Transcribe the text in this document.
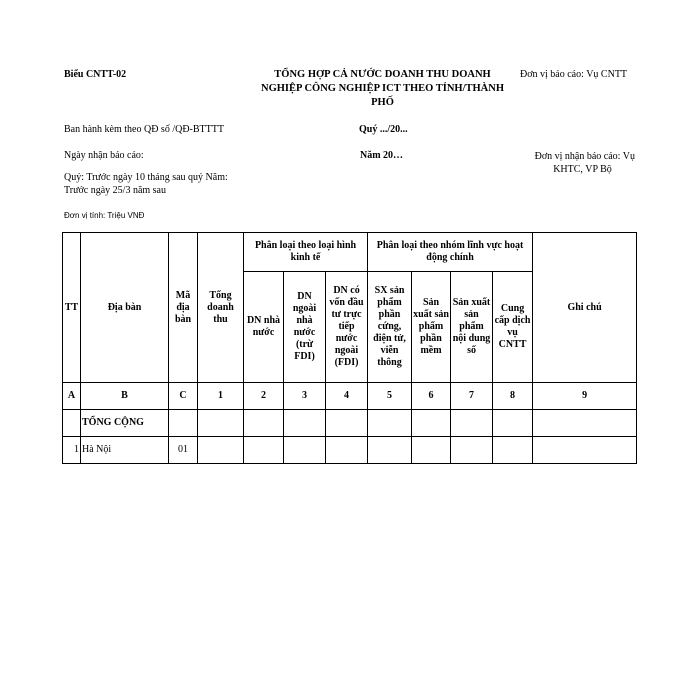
Biểu CNTT-02	TỔNG HỢP CẢ NƯỚC DOANH THU DOANH
NGHIỆP CÔNG NGHIỆP ICT THEO TỈNH/THÀNH
PHỐ
Đơn vị báo cáo: Vụ CNTT
Ban hành kèm theo QĐ số /QĐ-BTTTT	Quý .../20...
Ngày nhận báo cáo:	Năm 20…	Đơn vị nhận báo cáo: Vụ
KHTC, VP Bộ
Quý: Trước ngày 10 tháng sau quý Năm:
Trước ngày 25/3 năm sau
Đơn vị tính: Triệu VNĐ
TT	Địa bàn	Mã địa bàn	Tổng doanh thu	Phân loại theo loại hình kinh tế			Phân loại theo nhóm lĩnh vực hoạt động chính				Ghi chú
				DN nhà nước	DN ngoài nhà nước (trừ FDI)	DN có vốn đầu tư trực tiếp nước ngoài (FDI)	SX sản phẩm phần cứng, điện tử, viễn thông	Sản xuất sản phẩm phần mềm	Sản xuất sản phẩm nội dung số	Cung cấp dịch vụ CNTT	
A	B	C	1	2	3	4	5	6	7	8	9
	TỔNG CỘNG										
1	Hà Nội	01									
